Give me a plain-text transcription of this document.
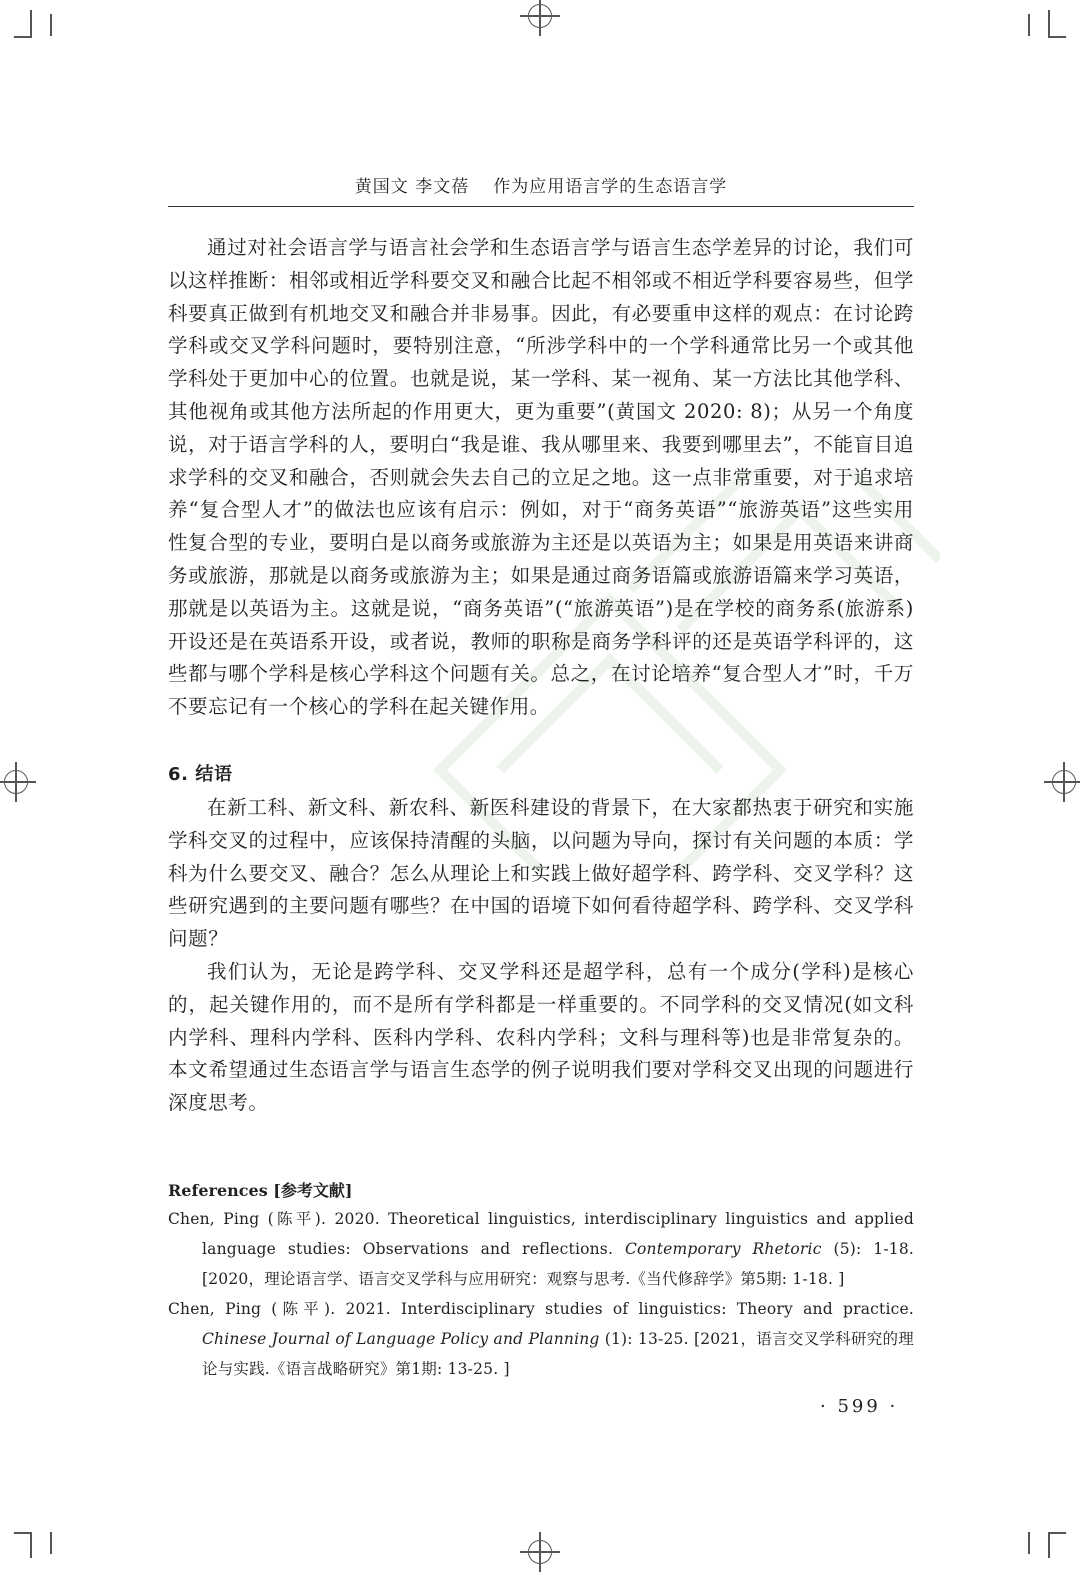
黄国文 李文蓓 作为应用语言学的生态语言学

通过对社会语言学与语言社会学和生态语言学与语言生态学差异的讨论，我们可以这样推断：相邻或相近学科要交叉和融合比起不相邻或不相近学科要容易些，但学科要真正做到有机地交叉和融合并非易事。因此，有必要重申这样的观点：在讨论跨学科或交叉学科问题时，要特别注意，“所涉学科中的一个学科通常比另一个或其他学科处于更加中心的位置。也就是说，某一学科、某一视角、某一方法比其他学科、其他视角或其他方法所起的作用更大，更为重要”(黄国文 2020: 8)；从另一个角度说，对于语言学科的人，要明白“我是谁、我从哪里来、我要到哪里去”，不能盲目追求学科的交叉和融合，否则就会失去自己的立足之地。这一点非常重要，对于追求培养“复合型人才”的做法也应该有启示：例如，对于“商务英语”“旅游英语”这些实用性复合型的专业，要明白是以商务或旅游为主还是以英语为主；如果是用英语来讲商务或旅游，那就是以商务或旅游为主；如果是通过商务语篇或旅游语篇来学习英语，那就是以英语为主。这就是说，“商务英语”(“旅游英语”)是在学校的商务系(旅游系)开设还是在英语系开设，或者说，教师的职称是商务学科评的还是英语学科评的，这些都与哪个学科是核心学科这个问题有关。总之，在讨论培养“复合型人才”时，千万不要忘记有一个核心的学科在起关键作用。

6. 结语

在新工科、新文科、新农科、新医科建设的背景下，在大家都热衷于研究和实施学科交叉的过程中，应该保持清醒的头脑，以问题为导向，探讨有关问题的本质：学科为什么要交叉、融合？怎么从理论上和实践上做好超学科、跨学科、交叉学科？这些研究遇到的主要问题有哪些？在中国的语境下如何看待超学科、跨学科、交叉学科问题？

我们认为，无论是跨学科、交叉学科还是超学科，总有一个成分(学科)是核心的，起关键作用的，而不是所有学科都是一样重要的。不同学科的交叉情况(如文科内学科、理科内学科、医科内学科、农科内学科；文科与理科等)也是非常复杂的。本文希望通过生态语言学与语言生态学的例子说明我们要对学科交叉出现的问题进行深度思考。

References [参考文献]
Chen, Ping (陈平). 2020. Theoretical linguistics, interdisciplinary linguistics and applied language studies: Observations and reflections. Contemporary Rhetoric (5): 1-18. [2020，理论语言学、语言交叉学科与应用研究：观察与思考.《当代修辞学》第5期: 1-18. ]
Chen, Ping (陈平). 2021. Interdisciplinary studies of linguistics: Theory and practice. Chinese Journal of Language Policy and Planning (1): 13-25. [2021，语言交叉学科研究的理论与实践.《语言战略研究》第1期: 13-25. ]
· 599 ·
